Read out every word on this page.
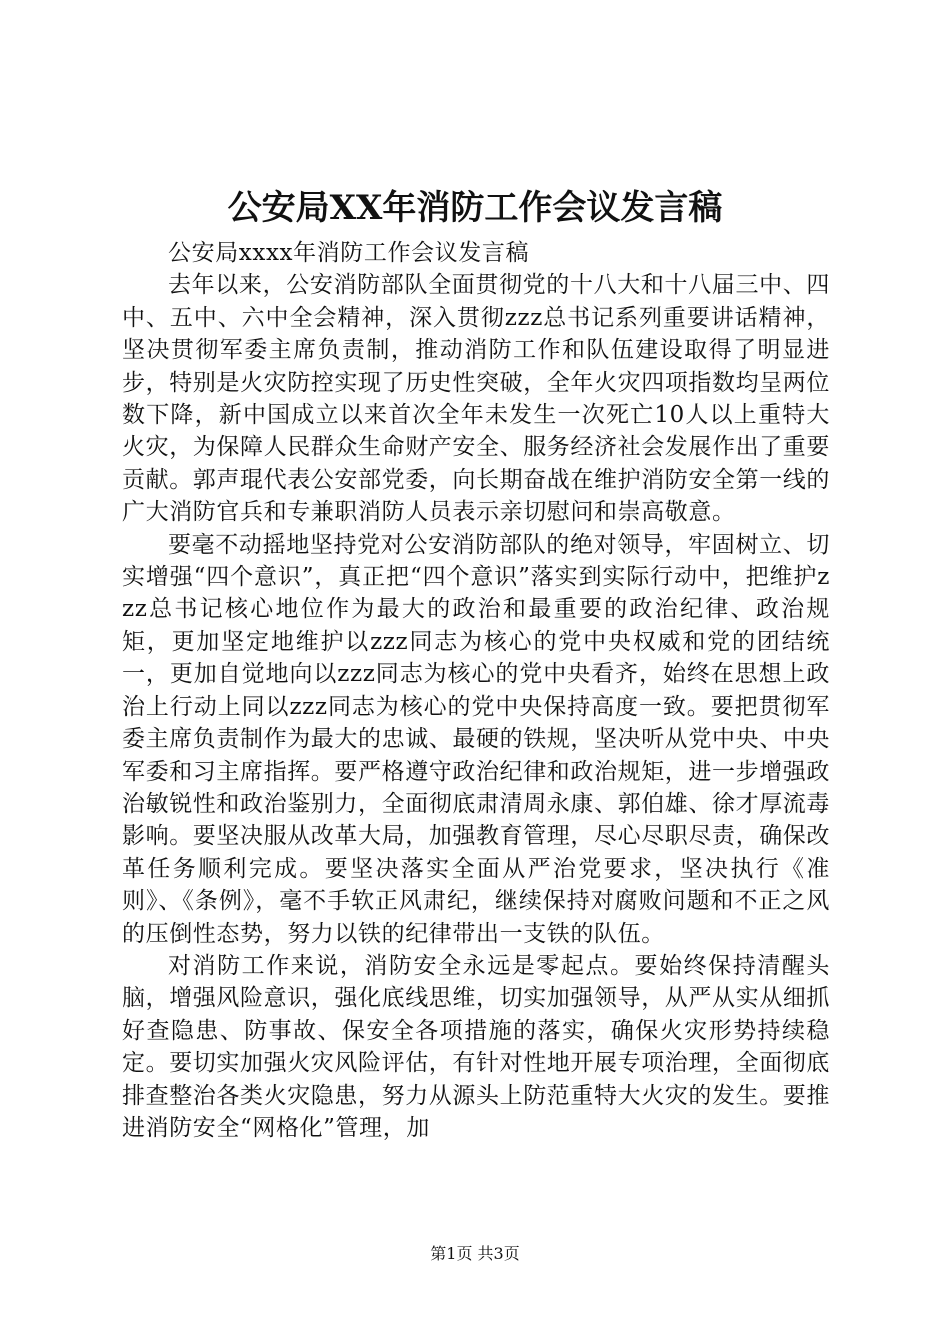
公安局XX年消防工作会议发言稿

公安局xxxx年消防工作会议发言稿

去年以来，公安消防部队全面贯彻党的十八大和十八届三中、四中、五中、六中全会精神，深入贯彻zzz总书记系列重要讲话精神，坚决贯彻军委主席负责制，推动消防工作和队伍建设取得了明显进步，特别是火灾防控实现了历史性突破，全年火灾四项指数均呈两位数下降，新中国成立以来首次全年未发生一次死亡10人以上重特大火灾，为保障人民群众生命财产安全、服务经济社会发展作出了重要贡献。郭声琨代表公安部党委，向长期奋战在维护消防安全第一线的广大消防官兵和专兼职消防人员表示亲切慰问和崇高敬意。

要毫不动摇地坚持党对公安消防部队的绝对领导，牢固树立、切实增强“四个意识”，真正把“四个意识”落实到实际行动中，把维护zzz总书记核心地位作为最大的政治和最重要的政治纪律、政治规矩，更加坚定地维护以zzz同志为核心的党中央权威和党的团结统一，更加自觉地向以zzz同志为核心的党中央看齐，始终在思想上政治上行动上同以zzz同志为核心的党中央保持高度一致。要把贯彻军委主席负责制作为最大的忠诚、最硬的铁规，坚决听从党中央、中央军委和习主席指挥。要严格遵守政治纪律和政治规矩，进一步增强政治敏锐性和政治鉴别力，全面彻底肃清周永康、郭伯雄、徐才厚流毒影响。要坚决服从改革大局，加强教育管理，尽心尽职尽责，确保改革任务顺利完成。要坚决落实全面从严治党要求，坚决执行《准则》、《条例》，毫不手软正风肃纪，继续保持对腐败问题和不正之风的压倒性态势，努力以铁的纪律带出一支铁的队伍。

对消防工作来说，消防安全永远是零起点。要始终保持清醒头脑，增强风险意识，强化底线思维，切实加强领导，从严从实从细抓好查隐患、防事故、保安全各项措施的落实，确保火灾形势持续稳定。要切实加强火灾风险评估，有针对性地开展专项治理，全面彻底排查整治各类火灾隐患，努力从源头上防范重特大火灾的发生。要推进消防安全“网格化”管理，加

第1页 共3页
